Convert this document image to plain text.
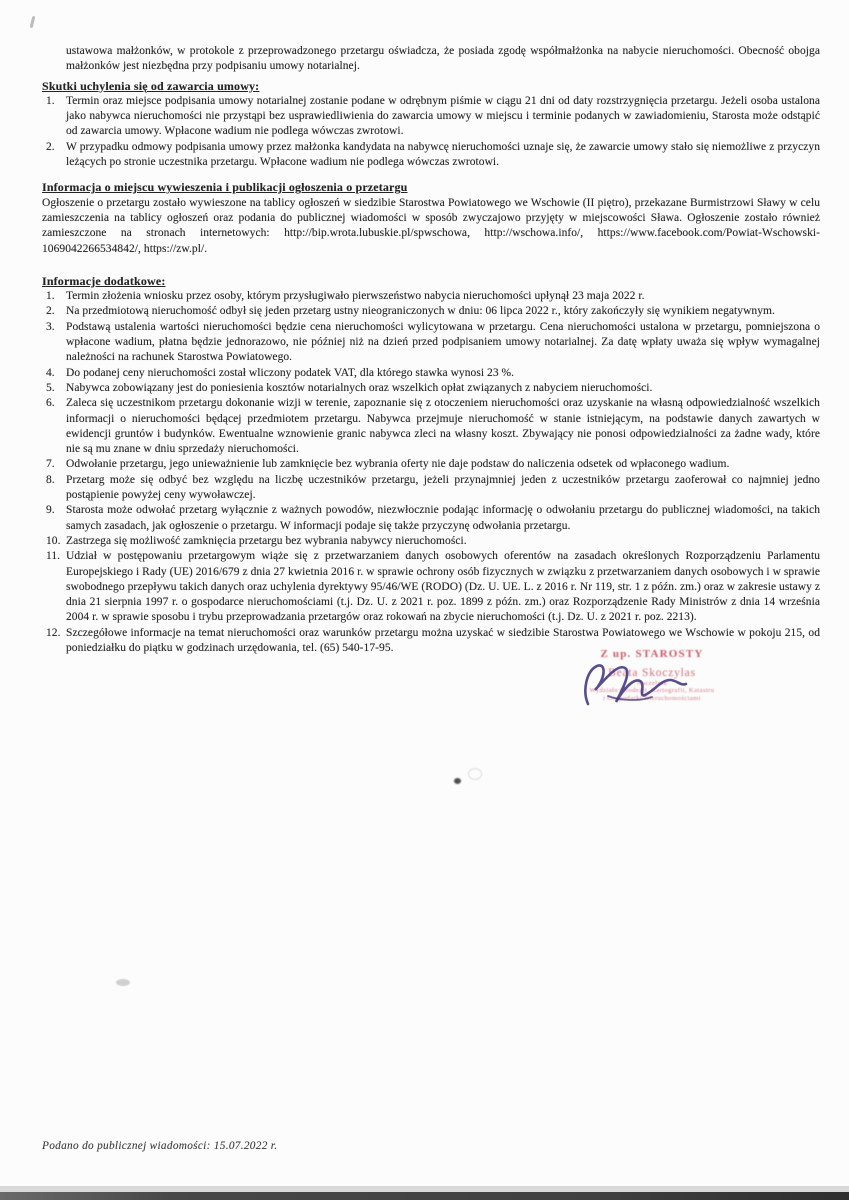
ustawowa małżonków, w protokole z przeprowadzonego przetargu oświadcza, że posiada zgodę współmałżonka na nabycie nieruchomości. Obecność obojga małżonków jest niezbędna przy podpisaniu umowy notarialnej.

Skutki uchylenia się od zawarcia umowy:
1. Termin oraz miejsce podpisania umowy notarialnej zostanie podane w odrębnym piśmie w ciągu 21 dni od daty rozstrzygnięcia przetargu. Jeżeli osoba ustalona jako nabywca nieruchomości nie przystąpi bez usprawiedliwienia do zawarcia umowy w miejscu i terminie podanych w zawiadomieniu, Starosta może odstąpić od zawarcia umowy. Wpłacone wadium nie podlega wówczas zwrotowi.
2. W przypadku odmowy podpisania umowy przez małżonka kandydata na nabywcę nieruchomości uznaje się, że zawarcie umowy stało się niemożliwe z przyczyn leżących po stronie uczestnika przetargu. Wpłacone wadium nie podlega wówczas zwrotowi.
Informacja o miejscu wywieszenia i publikacji ogłoszenia o przetargu

Ogłoszenie o przetargu zostało wywieszone na tablicy ogłoszeń w siedzibie Starostwa Powiatowego we Wschowie (II piętro), przekazane Burmistrzowi Sławy w celu zamieszczenia na tablicy ogłoszeń oraz podania do publicznej wiadomości w sposób zwyczajowo przyjęty w miejscowości Sława. Ogłoszenie zostało również zamieszczone na stronach internetowych: http://bip.wrota.lubuskie.pl/spwschowa, http://wschowa.info/, https://www.facebook.com/Powiat-Wschowski-1069042266534842/, https://zw.pl/.

Informacje dodatkowe:
1. Termin złożenia wniosku przez osoby, którym przysługiwało pierwszeństwo nabycia nieruchomości upłynął 23 maja 2022 r.
2. Na przedmiotową nieruchomość odbył się jeden przetarg ustny nieograniczonych w dniu: 06 lipca 2022 r., który zakończyły się wynikiem negatywnym.
3. Podstawą ustalenia wartości nieruchomości będzie cena nieruchomości wylicytowana w przetargu. Cena nieruchomości ustalona w przetargu, pomniejszona o wpłacone wadium, płatna będzie jednorazowo, nie później niż na dzień przed podpisaniem umowy notarialnej. Za datę wpłaty uważa się wpływ wymagalnej należności na rachunek Starostwa Powiatowego.
4. Do podanej ceny nieruchomości został wliczony podatek VAT, dla którego stawka wynosi 23 %.
5. Nabywca zobowiązany jest do poniesienia kosztów notarialnych oraz wszelkich opłat związanych z nabyciem nieruchomości.
6. Zaleca się uczestnikom przetargu dokonanie wizji w terenie, zapoznanie się z otoczeniem nieruchomości oraz uzyskanie na własną odpowiedzialność wszelkich informacji o nieruchomości będącej przedmiotem przetargu. Nabywca przejmuje nieruchomość w stanie istniejącym, na podstawie danych zawartych w ewidencji gruntów i budynków. Ewentualne wznowienie granic nabywca zleci na własny koszt. Zbywający nie ponosi odpowiedzialności za żadne wady, które nie są mu znane w dniu sprzedaży nieruchomości.
7. Odwołanie przetargu, jego unieważnienie lub zamknięcie bez wybrania oferty nie daje podstaw do naliczenia odsetek od wpłaconego wadium.
8. Przetarg może się odbyć bez względu na liczbę uczestników przetargu, jeżeli przynajmniej jeden z uczestników przetargu zaoferował co najmniej jedno postąpienie powyżej ceny wywoławczej.
9. Starosta może odwołać przetarg wyłącznie z ważnych powodów, niezwłocznie podając informację o odwołaniu przetargu do publicznej wiadomości, na takich samych zasadach, jak ogłoszenie o przetargu. W informacji podaje się także przyczynę odwołania przetargu.
10. Zastrzega się możliwość zamknięcia przetargu bez wybrania nabywcy nieruchomości.
11. Udział w postępowaniu przetargowym wiąże się z przetwarzaniem danych osobowych oferentów na zasadach określonych Rozporządzeniu Parlamentu Europejskiego i Rady (UE) 2016/679 z dnia 27 kwietnia 2016 r. w sprawie ochrony osób fizycznych w związku z przetwarzaniem danych osobowych i w sprawie swobodnego przepływu takich danych oraz uchylenia dyrektywy 95/46/WE (RODO) (Dz. U. UE. L. z 2016 r. Nr 119, str. 1 z późn. zm.) oraz w zakresie ustawy z dnia 21 sierpnia 1997 r. o gospodarce nieruchomościami (t.j. Dz. U. z 2021 r. poz. 1899 z późn. zm.) oraz Rozporządzenie Rady Ministrów z dnia 14 września 2004 r. w sprawie sposobu i trybu przeprowadzania przetargów oraz rokowań na zbycie nieruchomości (t.j. Dz. U. z 2021 r. poz. 2213).
12. Szczegółowe informacje na temat nieruchomości oraz warunków przetargu można uzyskać w siedzibie Starostwa Powiatowego we Wschowie w pokoju 215, od poniedziałku do piątku w godzinach urzędowania, tel. (65) 540-17-95.
Z up. STAROSTY
Beata Skoczylas
Naczelnik
Wydziału Geodezji, Kartografii, Katastru
i Gospodarki Nieruchomościami
Podano do publicznej wiadomości: 15.07.2022 r.
